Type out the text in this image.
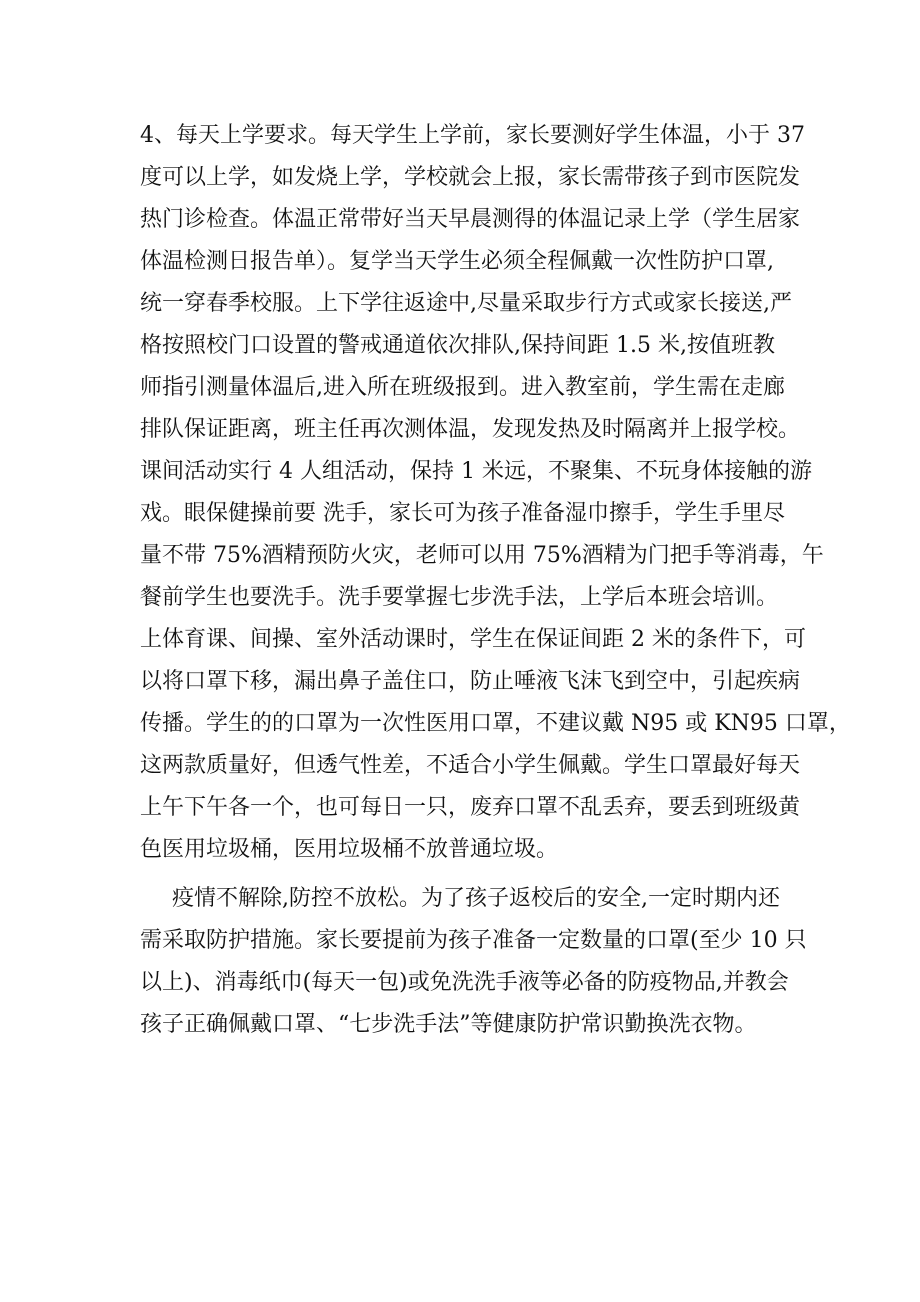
4、每天上学要求。每天学生上学前，家长要测好学生体温，小于 37
度可以上学，如发烧上学，学校就会上报，家长需带孩子到市医院发
热门诊检查。体温正常带好当天早晨测得的体温记录上学（学生居家
体温检测日报告单）。复学当天学生必须全程佩戴一次性防护口罩,
统一穿春季校服。上下学往返途中,尽量采取步行方式或家长接送,严
格按照校门口设置的警戒通道依次排队,保持间距 1.5 米,按值班教
师指引测量体温后,进入所在班级报到。进入教室前，学生需在走廊
排队保证距离，班主任再次测体温，发现发热及时隔离并上报学校。
课间活动实行 4 人组活动，保持 1 米远，不聚集、不玩身体接触的游
戏。眼保健操前要 洗手，家长可为孩子准备湿巾擦手，学生手里尽
量不带 75%酒精预防火灾，老师可以用 75%酒精为门把手等消毒，午
餐前学生也要洗手。洗手要掌握七步洗手法，上学后本班会培训。
上体育课、间操、室外活动课时，学生在保证间距 2 米的条件下，可
以将口罩下移，漏出鼻子盖住口，防止唾液飞沫飞到空中，引起疾病
传播。学生的的口罩为一次性医用口罩，不建议戴 N95 或 KN95 口罩，
这两款质量好，但透气性差，不适合小学生佩戴。学生口罩最好每天
上午下午各一个，也可每日一只，废弃口罩不乱丢弃，要丢到班级黄
色医用垃圾桶，医用垃圾桶不放普通垃圾。
疫情不解除,防控不放松。为了孩子返校后的安全,一定时期内还
需采取防护措施。家长要提前为孩子准备一定数量的口罩(至少 10 只
以上)、消毒纸巾(每天一包)或免洗洗手液等必备的防疫物品,并教会
孩子正确佩戴口罩、“七步洗手法”等健康防护常识勤换洗衣物。
